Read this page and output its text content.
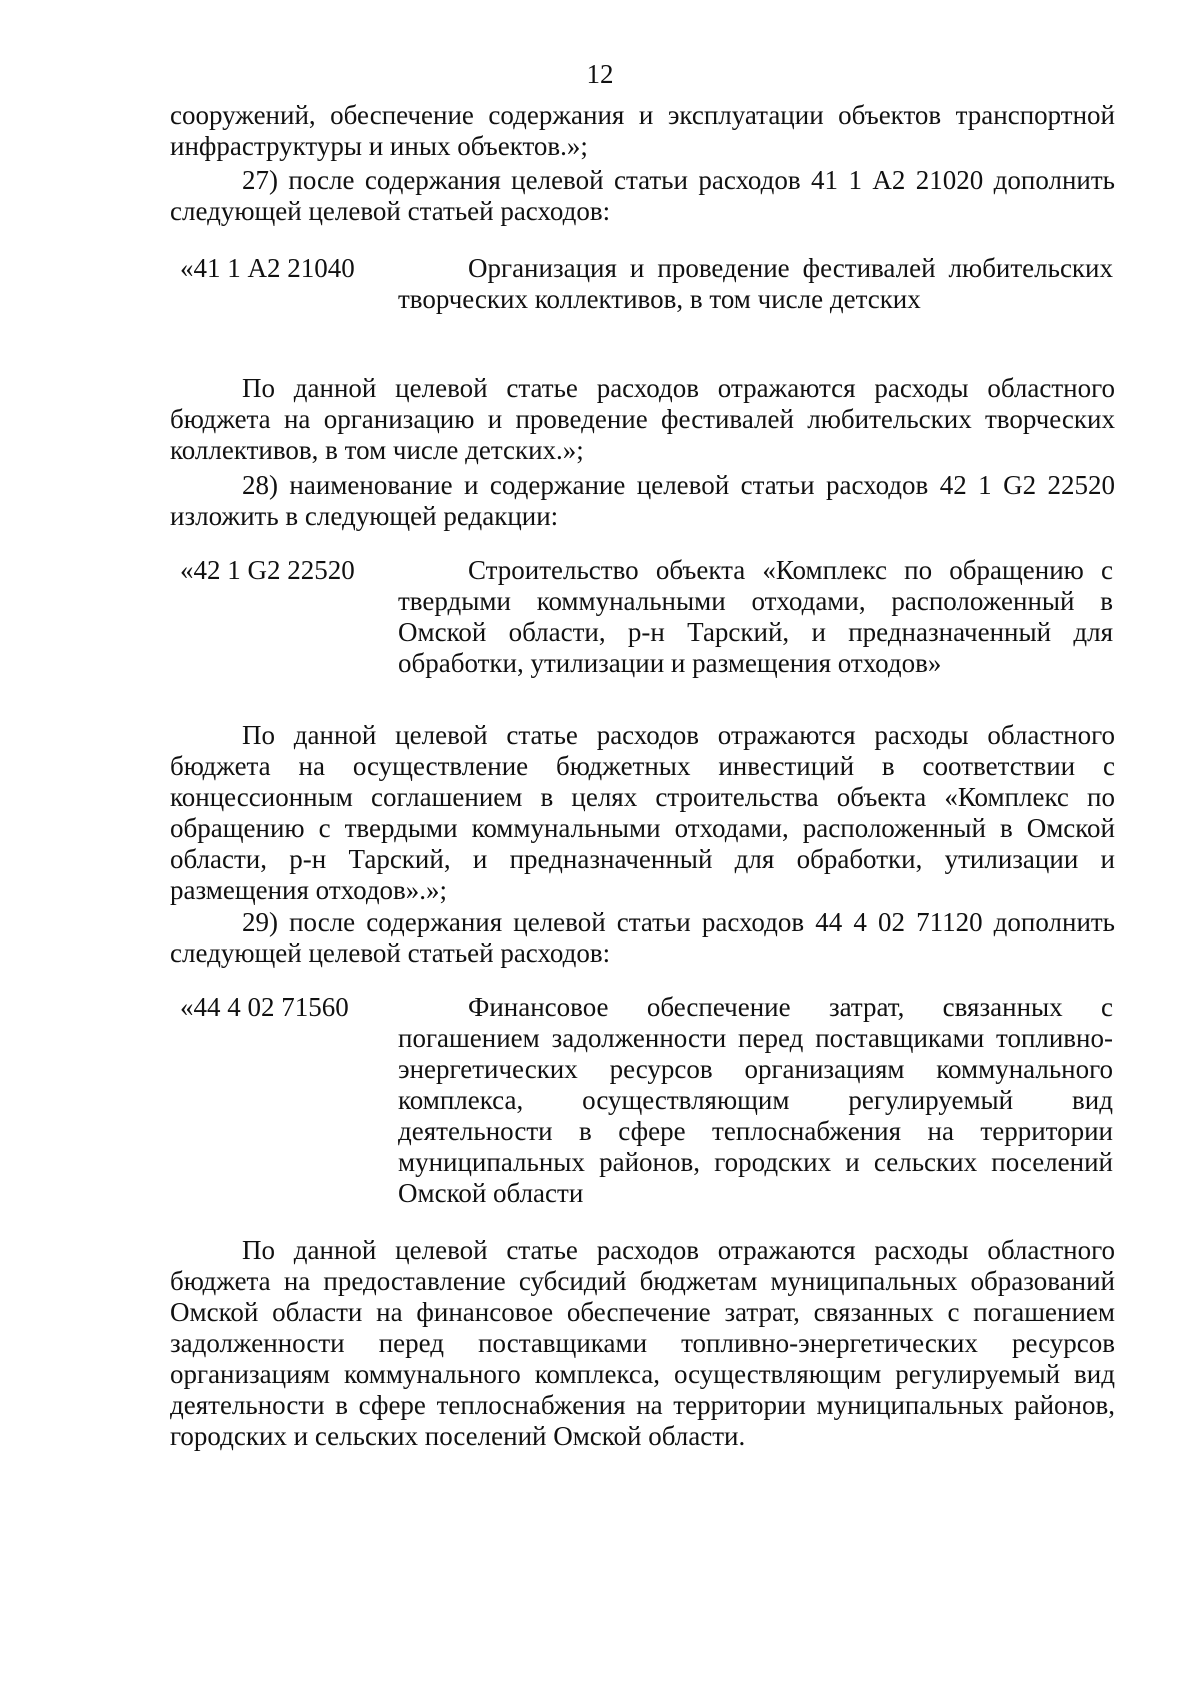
12

сооружений, обеспечение содержания и эксплуатации объектов транспортной инфраструктуры и иных объектов.»;

27) после содержания целевой статьи расходов 41 1 А2 21020 дополнить следующей целевой статьей расходов:

«41 1 А2 21040	Организация и проведение фестивалей любительских творческих коллективов, в том числе детских

По данной целевой статье расходов отражаются расходы областного бюджета на организацию и проведение фестивалей любительских творческих коллективов, в том числе детских.»;

28) наименование и содержание целевой статьи расходов 42 1 G2 22520 изложить в следующей редакции:

«42 1 G2 22520	Строительство объекта «Комплекс по обращению с твердыми коммунальными отходами, расположенный в Омской области, р-н Тарский, и предназначенный для обработки, утилизации и размещения отходов»

По данной целевой статье расходов отражаются расходы областного бюджета на осуществление бюджетных инвестиций в соответствии с концессионным соглашением в целях строительства объекта «Комплекс по обращению с твердыми коммунальными отходами, расположенный в Омской области, р-н Тарский, и предназначенный для обработки, утилизации и размещения отходов».»;

29) после содержания целевой статьи расходов 44 4 02 71120 дополнить следующей целевой статьей расходов:

«44 4 02 71560	Финансовое обеспечение затрат, связанных с погашением задолженности перед поставщиками топливно-энергетических ресурсов организациям коммунального комплекса, осуществляющим регулируемый вид деятельности в сфере теплоснабжения на территории муниципальных районов, городских и сельских поселений Омской области

По данной целевой статье расходов отражаются расходы областного бюджета на предоставление субсидий бюджетам муниципальных образований Омской области на финансовое обеспечение затрат, связанных с погашением задолженности перед поставщиками топливно-энергетических ресурсов организациям коммунального комплекса, осуществляющим регулируемый вид деятельности в сфере теплоснабжения на территории муниципальных районов, городских и сельских поселений Омской области.
